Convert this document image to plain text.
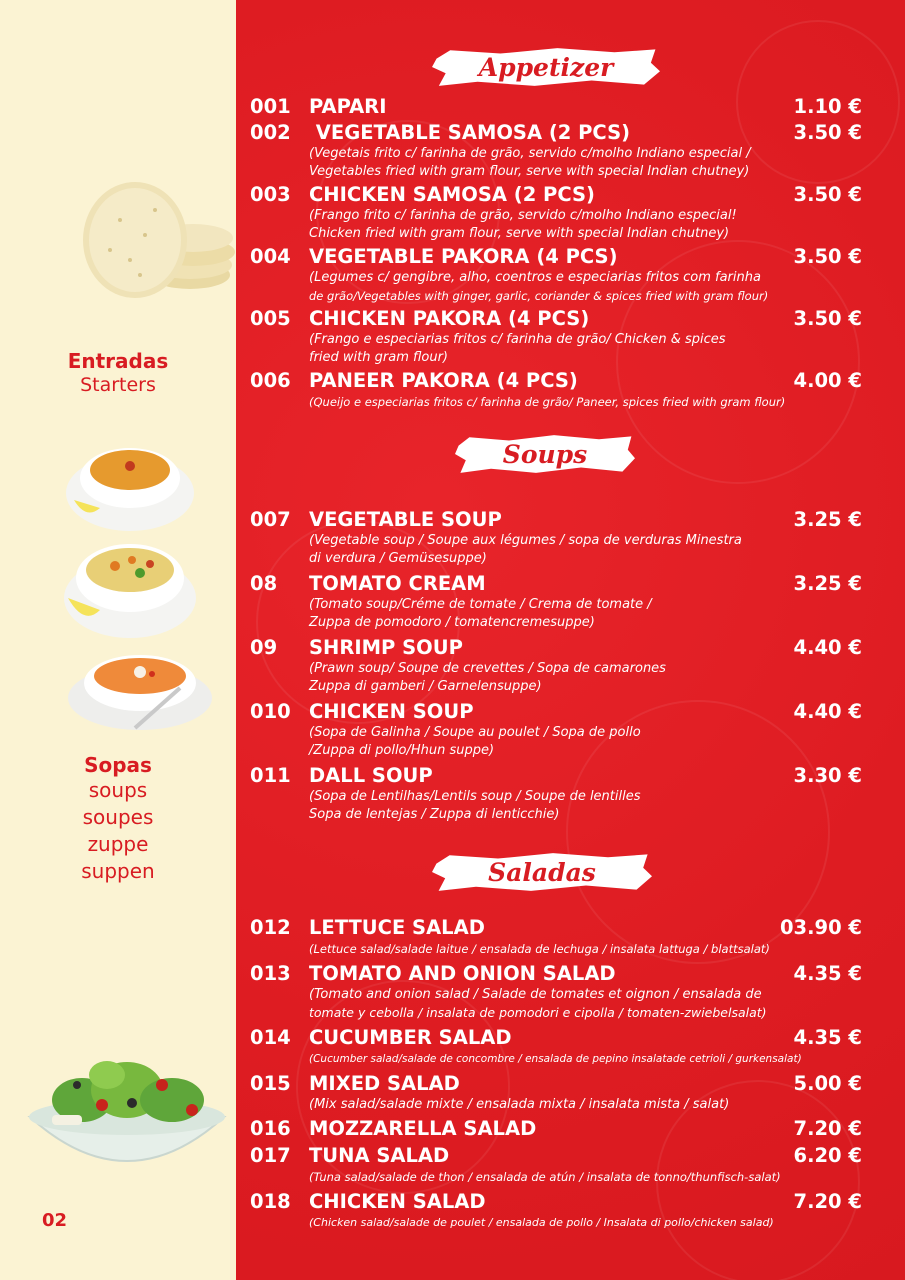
Entradas
Starters
Sopas
soups
soupes
zuppe
suppen
02
Appetizer
Soups
Saladas
001 PAPARI	1.10 €
002 VEGETABLE SAMOSA (2 PCS)	3.50 €
(Vegetais frito c/ farinha de grão, servido c/molho Indiano especial /
Vegetables fried with gram flour, serve with special Indian chutney)
003 CHICKEN SAMOSA (2 PCS)	3.50 €
(Frango frito c/ farinha de grão, servido c/molho Indiano especial!
Chicken fried with gram flour, serve with special Indian chutney)
004 VEGETABLE PAKORA (4 PCS)	3.50 €
(Legumes c/ gengibre, alho, coentros e especiarias fritos com farinha
de grão/Vegetables with ginger, garlic, coriander & spices fried with gram flour)
005 CHICKEN PAKORA (4 PCS)	3.50 €
(Frango e especiarias fritos c/ farinha de grão/ Chicken & spices
fried with gram flour)
006 PANEER PAKORA (4 PCS)	4.00 €
(Queijo e especiarias fritos c/ farinha de grão/ Paneer, spices fried with gram flour)
007 VEGETABLE SOUP	3.25 €
(Vegetable soup / Soupe aux légumes / sopa de verduras Minestra
di verdura / Gemüsesuppe)
08	TOMATO CREAM	3.25 €
(Tomato soup/Créme de tomate / Crema de tomate /
Zuppa de pomodoro / tomatencremesuppe)
09	SHRIMP SOUP	4.40 €
(Prawn soup/ Soupe de crevettes / Sopa de camarones
Zuppa di gamberi / Garnelensuppe)
010 CHICKEN SOUP	4.40 €
(Sopa de Galinha / Soupe au poulet / Sopa de pollo
/Zuppa di pollo/Hhun suppe)
011 DALL SOUP	3.30 €
(Sopa de Lentilhas/Lentils soup / Soupe de lentilles
Sopa de lentejas / Zuppa di lenticchie)
012 LETTUCE SALAD	03.90 €
(Lettuce salad/salade laitue / ensalada de lechuga / insalata lattuga / blattsalat)
013 TOMATO AND ONION SALAD	4.35 €
(Tomato and onion salad / Salade de tomates et oignon / ensalada de
tomate y cebolla / insalata de pomodori e cipolla / tomaten-zwiebelsalat)
014 CUCUMBER SALAD	4.35 €
(Cucumber salad/salade de concombre / ensalada de pepino insalatade cetrioli / gurkensalat)
015 MIXED SALAD	5.00 €
(Mix salad/salade mixte / ensalada mixta / insalata mista / salat)
016 MOZZARELLA SALAD	7.20 €
017 TUNA SALAD	6.20 €
(Tuna salad/salade de thon / ensalada de atún / insalata de tonno/thunfisch-salat)
018 CHICKEN SALAD	7.20 €
(Chicken salad/salade de poulet / ensalada de pollo / Insalata di pollo/chicken salad)
